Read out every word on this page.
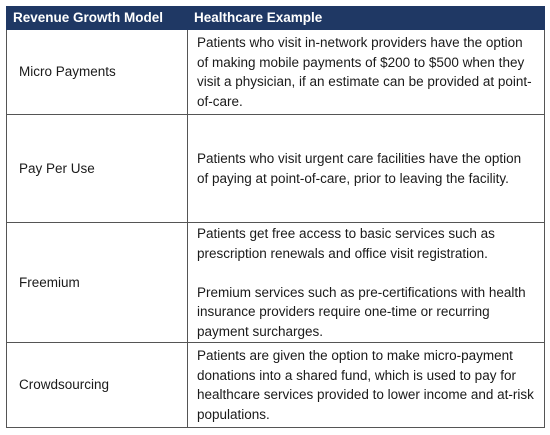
Revenue Growth Model	Healthcare Example
Micro Payments	Patients who visit in-network providers have the option of making mobile payments of $200 to $500 when they visit a physician, if an estimate can be provided at point-of-care.

Pay Per Use	Patients who visit urgent care facilities have the option of paying at point-of-care, prior to leaving the facility.

Freemium	Patients get free access to basic services such as prescription renewals and office visit registration.

Premium services such as pre-certifications with health insurance providers require one-time or recurring payment surcharges.

Crowdsourcing	Patients are given the option to make micro-payment donations into a shared fund, which is used to pay for healthcare services provided to lower income and at-risk populations.
